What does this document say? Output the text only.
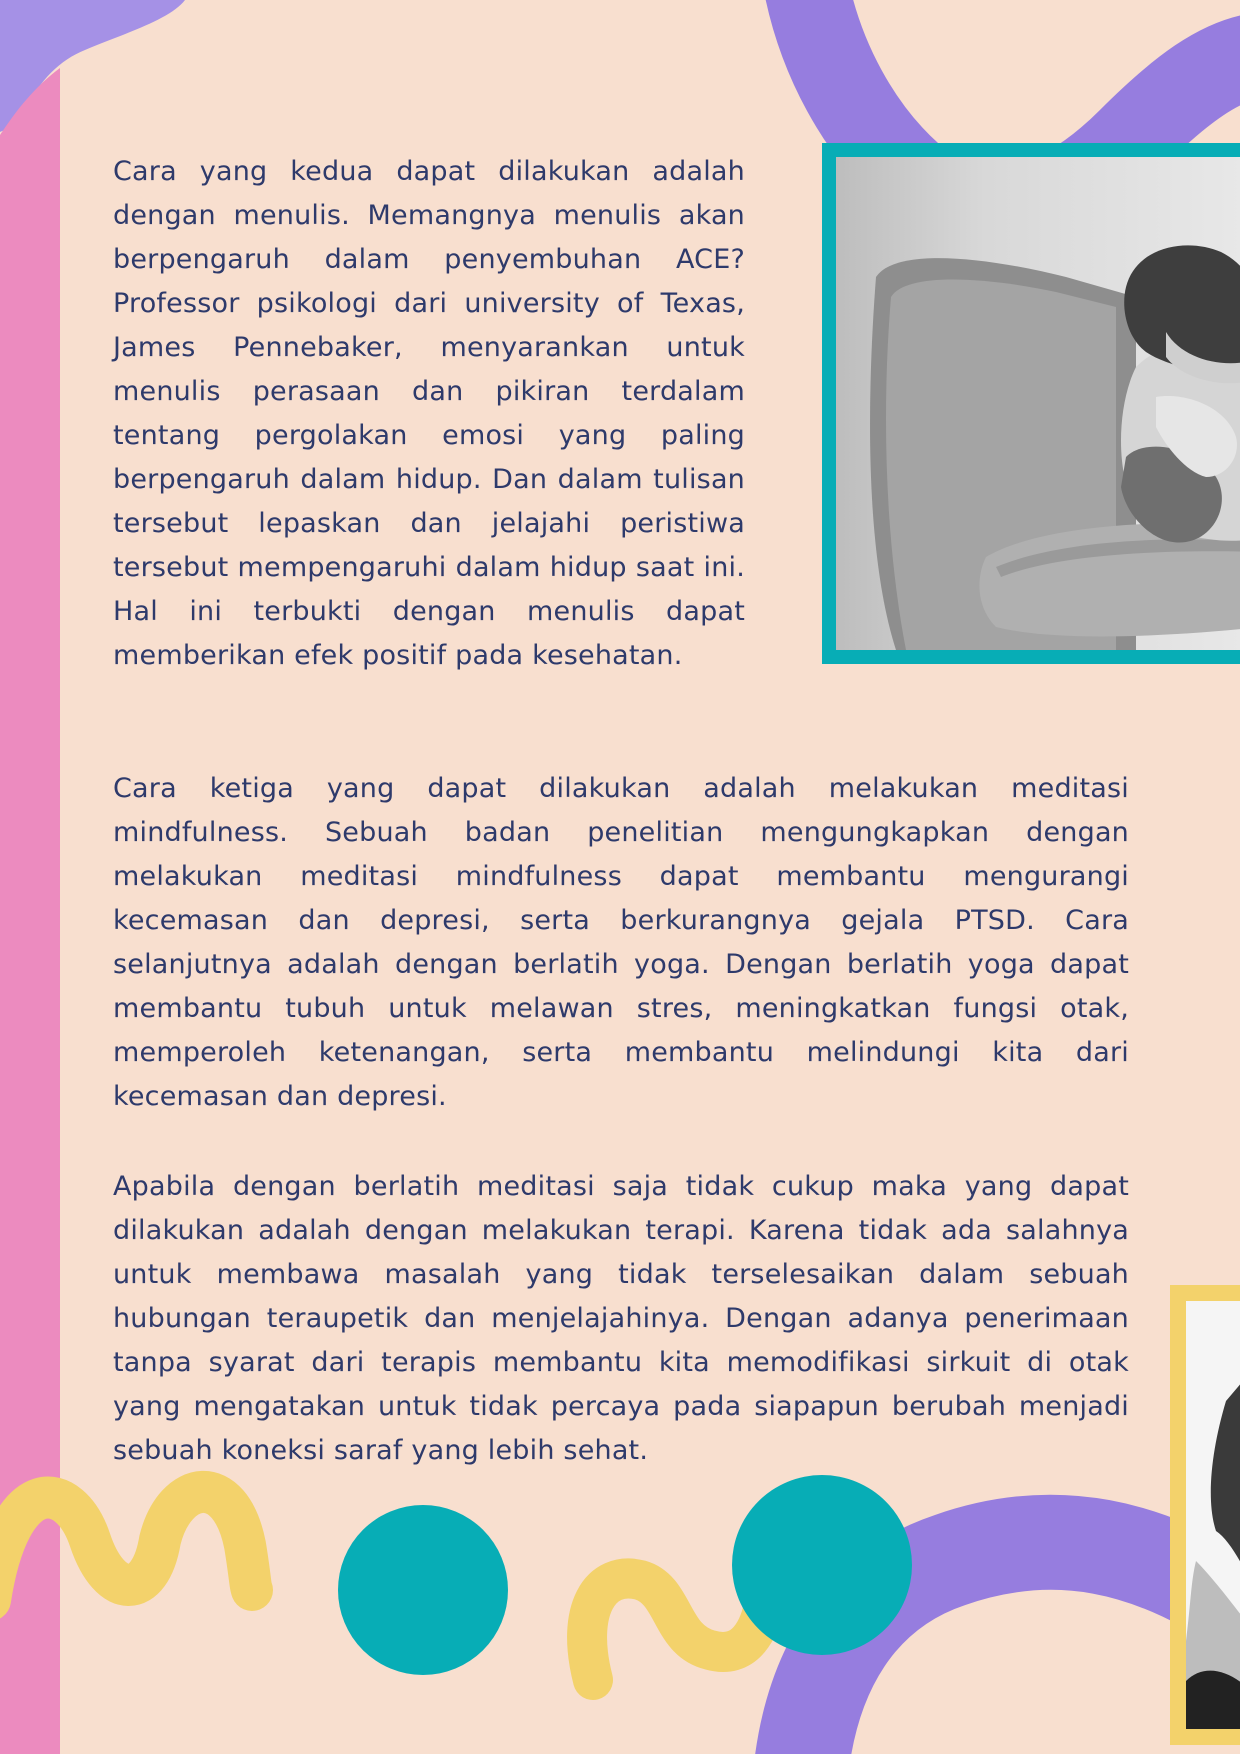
Cara yang kedua dapat dilakukan adalah dengan menulis. Memangnya menulis akan berpengaruh dalam penyembuhan ACE? Professor psikologi dari university of Texas, James Pennebaker, menyarankan untuk menulis perasaan dan pikiran terdalam tentang pergolakan emosi yang paling berpengaruh dalam hidup. Dan dalam tulisan tersebut lepaskan dan jelajahi peristiwa tersebut mempengaruhi dalam hidup saat ini. Hal ini terbukti dengan menulis dapat memberikan efek positif pada kesehatan.

Cara ketiga yang dapat dilakukan adalah melakukan meditasi mindfulness. Sebuah badan penelitian mengungkapkan dengan melakukan meditasi mindfulness dapat membantu mengurangi kecemasan dan depresi, serta berkurangnya gejala PTSD. Cara selanjutnya adalah dengan berlatih yoga. Dengan berlatih yoga dapat membantu tubuh untuk melawan stres, meningkatkan fungsi otak, memperoleh ketenangan, serta membantu melindungi kita dari kecemasan dan depresi.

Apabila dengan berlatih meditasi saja tidak cukup maka yang dapat dilakukan adalah dengan melakukan terapi. Karena tidak ada salahnya untuk membawa masalah yang tidak terselesaikan dalam sebuah hubungan teraupetik dan menjelajahinya. Dengan adanya penerimaan tanpa syarat dari terapis membantu kita memodifikasi sirkuit di otak yang mengatakan untuk tidak percaya pada siapapun berubah menjadi sebuah koneksi saraf yang lebih sehat.
